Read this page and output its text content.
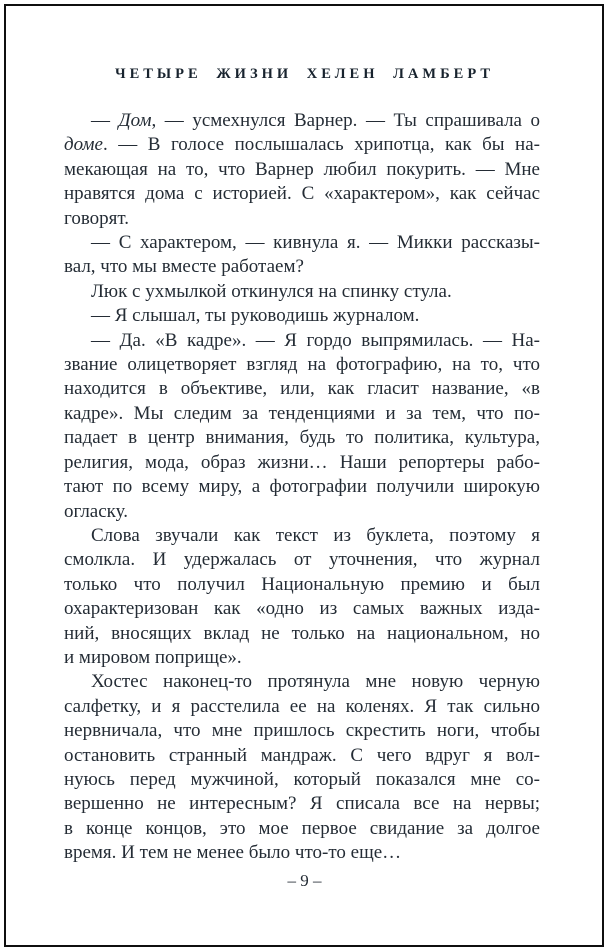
ЧЕТЫРЕ ЖИЗНИ ХЕЛЕН ЛАМБЕРТ
— Дом, — усмехнулся Варнер. — Ты спрашивала о
доме. — В голосе послышалась хрипотца, как бы на-
мекающая на то, что Варнер любил покурить. — Мне
нравятся дома с историей. С «характером», как сейчас
говорят.
— С характером, — кивнула я. — Микки рассказы-
вал, что мы вместе работаем?
Люк с ухмылкой откинулся на спинку стула.
— Я слышал, ты руководишь журналом.
— Да. «В кадре». — Я гордо выпрямилась. — На-
звание олицетворяет взгляд на фотографию, на то, что
находится в объективе, или, как гласит название, «в
кадре». Мы следим за тенденциями и за тем, что по-
падает в центр внимания, будь то политика, культура,
религия, мода, образ жизни… Наши репортеры рабо-
тают по всему миру, а фотографии получили широкую
огласку.
Слова звучали как текст из буклета, поэтому я
смолкла. И удержалась от уточнения, что журнал
только что получил Национальную премию и был
охарактеризован как «одно из самых важных изда-
ний, вносящих вклад не только на национальном, но
и мировом поприще».
Хостес наконец-то протянула мне новую черную
салфетку, и я расстелила ее на коленях. Я так сильно
нервничала, что мне пришлось скрестить ноги, чтобы
остановить странный мандраж. С чего вдруг я вол-
нуюсь перед мужчиной, который показался мне со-
вершенно не интересным? Я списала все на нервы;
в конце концов, это мое первое свидание за долгое
время. И тем не менее было что-то еще…
– 9 –
